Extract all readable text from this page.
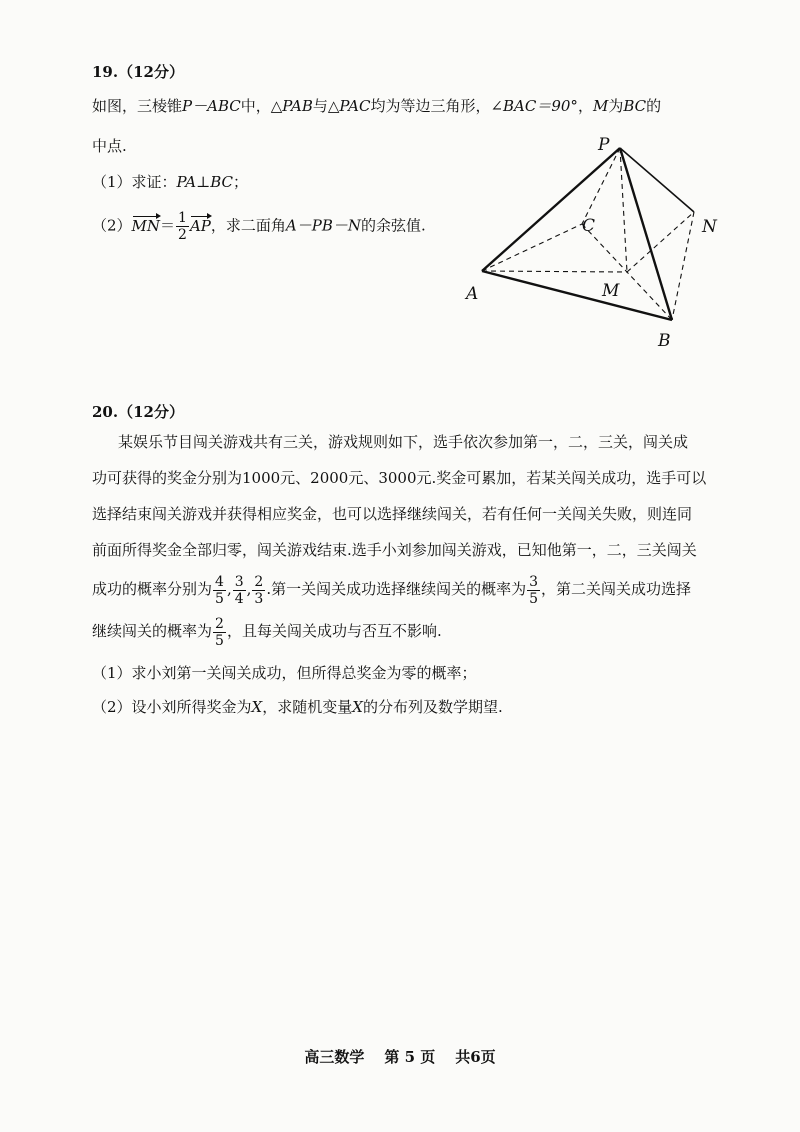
19.（12分）
如图，三棱锥P－ABC中，△PAB与△PAC均为等边三角形，∠BAC＝90°，M为BC的
中点.
（1）求证：PA⊥BC；
$(2)MN= \frac{1}{2}$ AP，求二面角A－PB－N的余弦值.
P
C	N
A	M
B
20.（12分）
某娱乐节目闯关游戏共有三关，游戏规则如下，选手依次参加第一，二，三关，闯关成
功可获得的奖金分别为1000元、2000元、3000元.奖金可累加，若某关闯关成功，选手可以
选择结束闯关游戏并获得相应奖金，也可以选择继续闯关，若有任何一关闯关失败，则连同
前面所得奖金全部归零，闯关游戏结束.选手小刘参加闯关游戏，已知他第一，二，三关闯关
成功的概率分别为 $\frac{4}{5}$ , $\frac{3}{4}$ , $\frac{2}{3}$ .第一关闯关成功选择继续闯关的概率为 $\frac{3}{5}$ ，第二关闯关成功选择
继续闯关的概率为 $\frac{2}{5}$ ，且每关闯关成功与否互不影响.
（1）求小刘第一关闯关成功，但所得总奖金为零的概率；
（2）设小刘所得奖金为X，求随机变量X的分布列及数学期望.
高三数学 第 5 页 共6页
